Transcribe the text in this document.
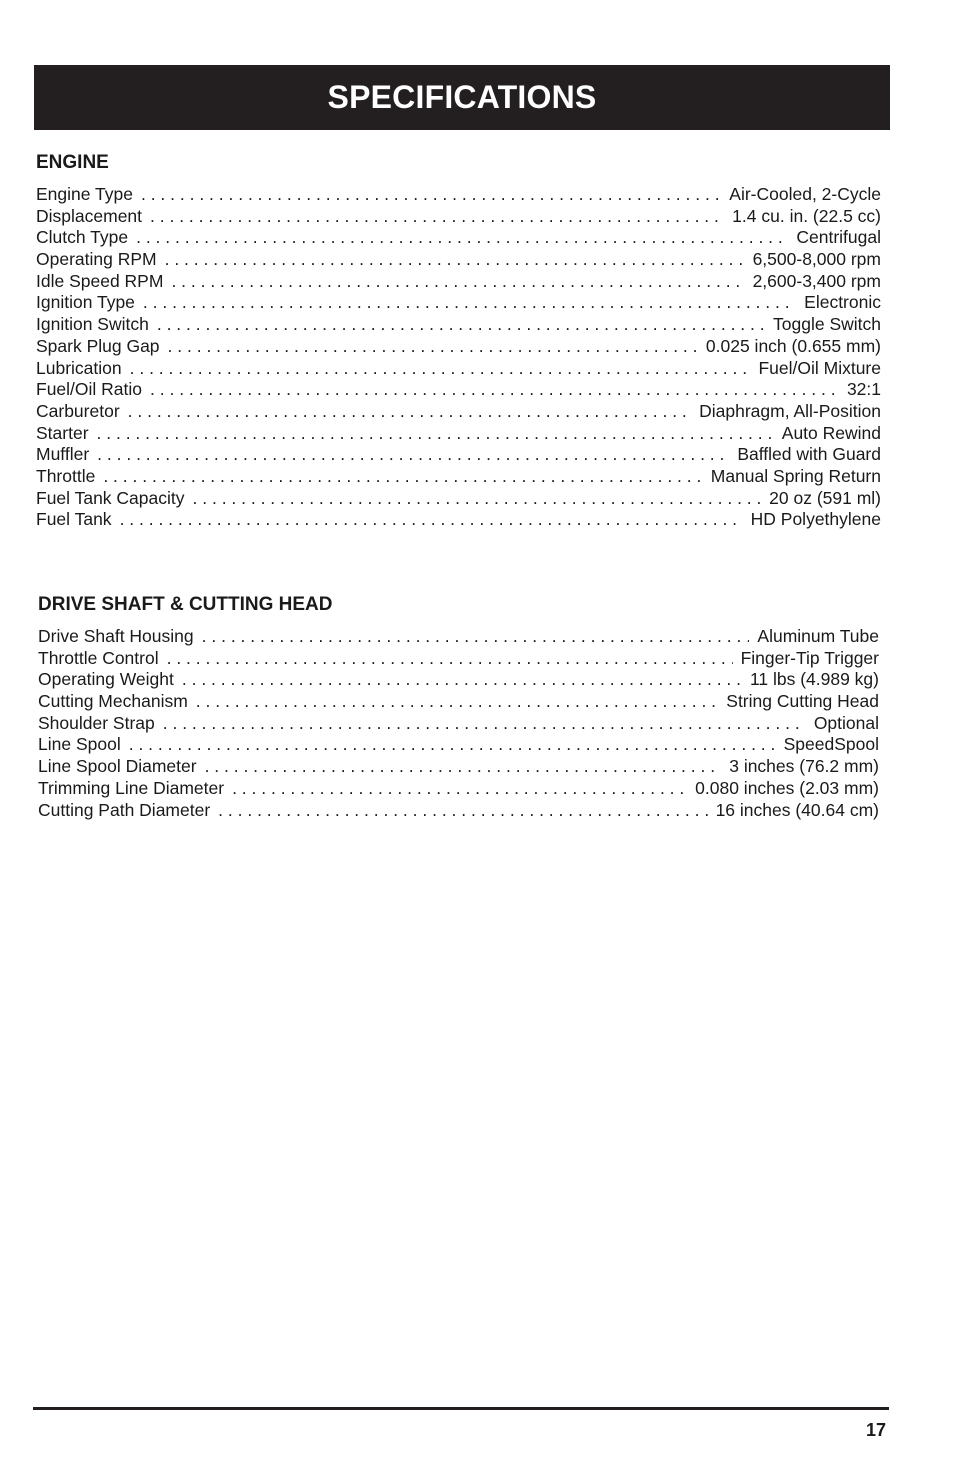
SPECIFICATIONS
ENGINE
Engine Type . . .	Air-Cooled, 2-Cycle
Displacement . . .	1.4 cu. in. (22.5 cc)
Clutch Type . . .	Centrifugal
Operating RPM . . .	6,500-8,000 rpm
Idle Speed RPM . . .	2,600-3,400 rpm
Ignition Type . . .	Electronic
Ignition Switch . . .	Toggle Switch
Spark Plug Gap . . .	0.025 inch (0.655 mm)
Lubrication . . .	Fuel/Oil Mixture
Fuel/Oil Ratio . . .	32:1
Carburetor . . .	Diaphragm, All-Position
Starter . . .	Auto Rewind
Muffler . . .	Baffled with Guard
Throttle . . .	Manual Spring Return
Fuel Tank Capacity . . .	20 oz (591 ml)
Fuel Tank . . .	HD Polyethylene
DRIVE SHAFT & CUTTING HEAD
Drive Shaft Housing . . .	Aluminum Tube
Throttle Control . . .	Finger-Tip Trigger
Operating Weight . . .	11 lbs (4.989 kg)
Cutting Mechanism . . .	String Cutting Head
Shoulder Strap . . .	Optional
Line Spool . . .	SpeedSpool
Line Spool Diameter . . .	3 inches (76.2 mm)
Trimming Line Diameter . . .	0.080 inches (2.03 mm)
Cutting Path Diameter . . .	16 inches (40.64 cm)
17
